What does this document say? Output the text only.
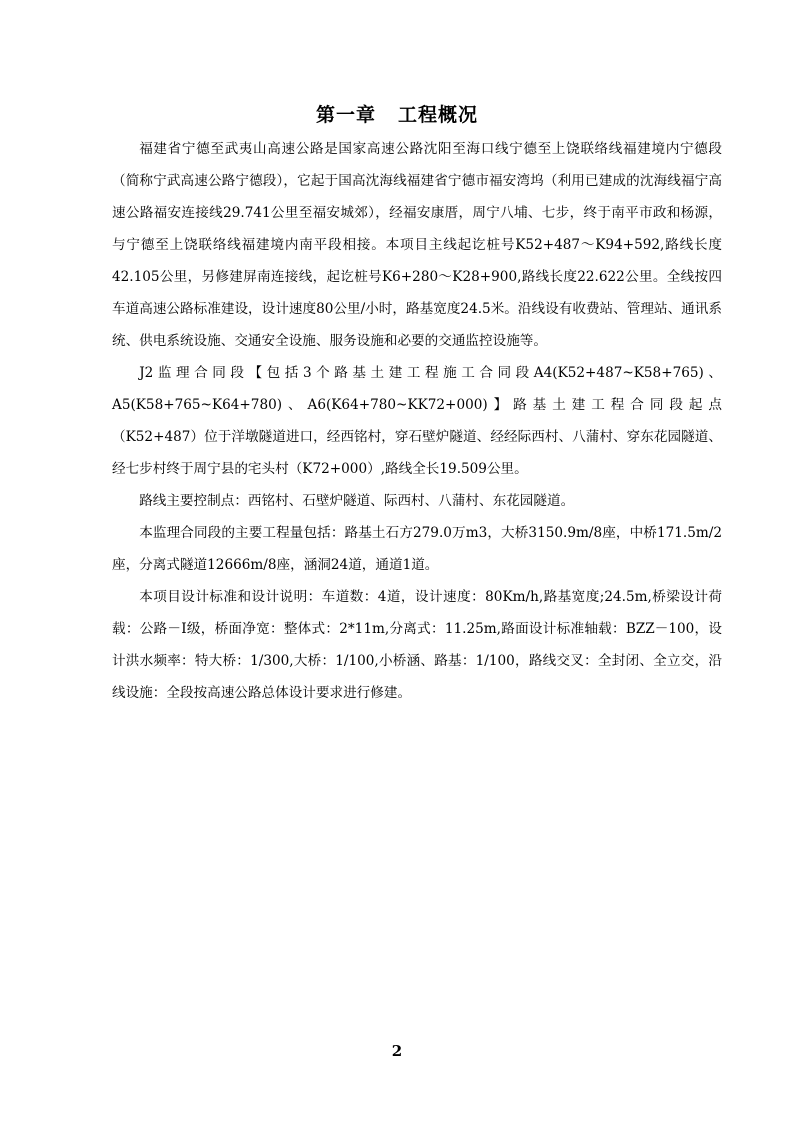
第一章 工程概况

福建省宁德至武夷山高速公路是国家高速公路沈阳至海口线宁德至上饶联络线福建境内宁德段（简称宁武高速公路宁德段），它起于国高沈海线福建省宁德市福安湾坞（利用已建成的沈海线福宁高速公路福安连接线29.741公里至福安城郊），经福安康厝，周宁八埔、七步，终于南平市政和杨源，与宁德至上饶联络线福建境内南平段相接。本项目主线起讫桩号K52+487～K94+592,路线长度42.105公里，另修建屏南连接线，起讫桩号K6+280～K28+900,路线长度22.622公里。全线按四车道高速公路标准建设，设计速度80公里/小时，路基宽度24.5米。沿线设有收费站、管理站、通讯系统、供电系统设施、交通安全设施、服务设施和必要的交通监控设施等。

J2监理合同段【包括3个路基土建工程施工合同段A4(K52+487~K58+765)、A5(K58+765~K64+780)、A6(K64+780~KK72+000)】路基土建工程合同段起点（K52+487）位于洋墩隧道进口，经西铭村，穿石壁炉隧道、经经际西村、八蒲村、穿东花园隧道、经七步村终于周宁县的宅头村（K72+000）,路线全长19.509公里。

路线主要控制点：西铭村、石壁炉隧道、际西村、八蒲村、东花园隧道。

本监理合同段的主要工程量包括：路基土石方279.0万m3，大桥3150.9m/8座，中桥171.5m/2座，分离式隧道12666m/8座，涵洞24道，通道1道。

本项目设计标准和设计说明：车道数：4道，设计速度：80Km/h,路基宽度;24.5m,桥梁设计荷载：公路－Ⅰ级，桥面净宽：整体式：2*11m,分离式：11.25m,路面设计标准轴载：BZZ－100，设计洪水频率：特大桥：1/300,大桥：1/100,小桥涵、路基：1/100，路线交叉：全封闭、全立交，沿线设施：全段按高速公路总体设计要求进行修建。

2
